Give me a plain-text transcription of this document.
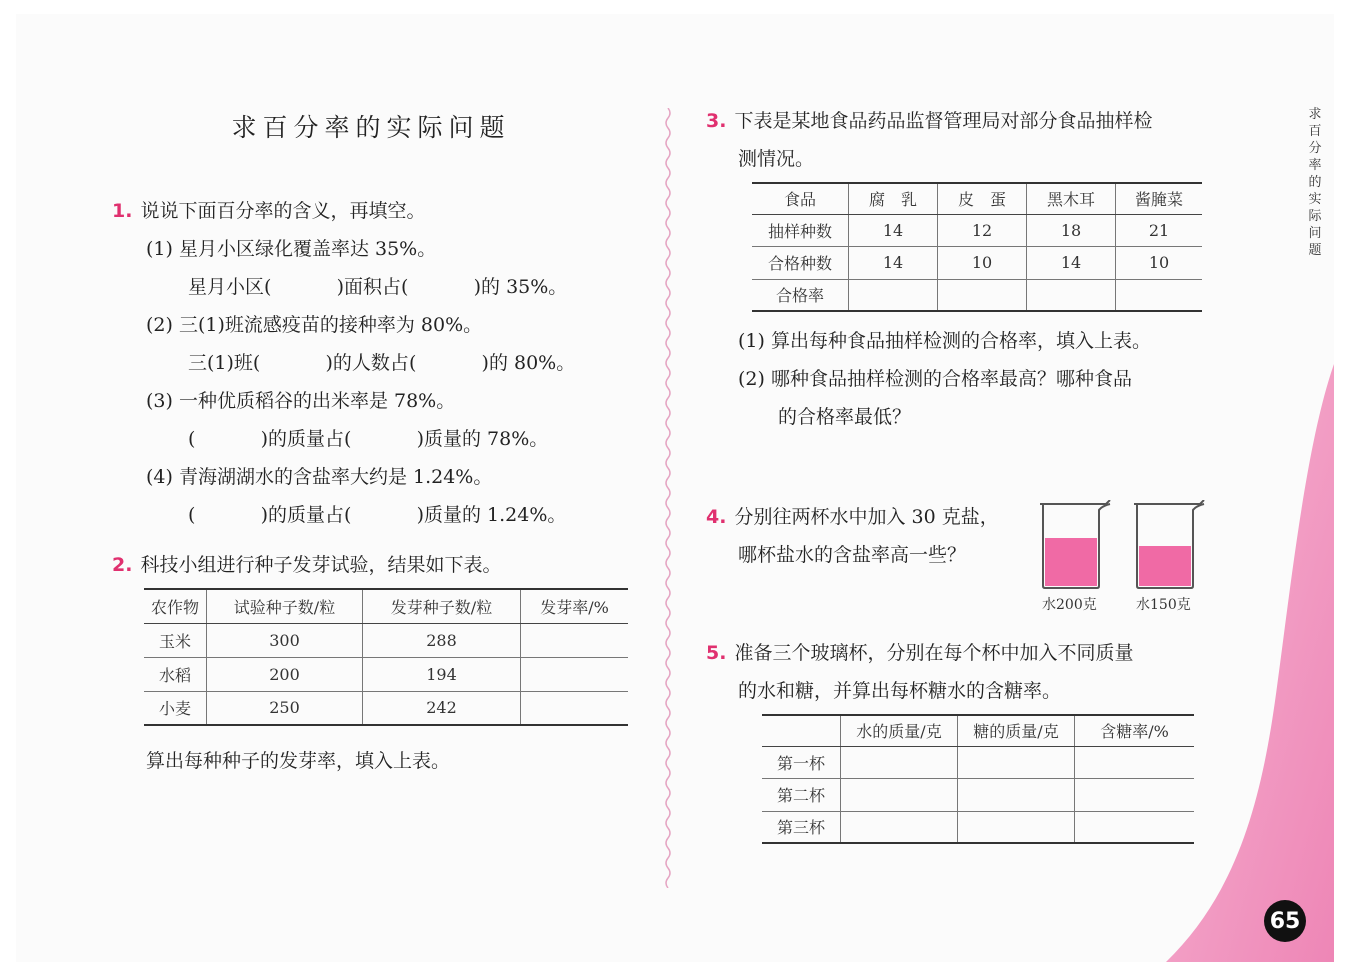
求
百
分
率
的
实
际
问
题
65
求百分率的实际问题
1. 说说下面百分率的含义，再填空。
(1) 星月小区绿化覆盖率达 35%。
星月小区 ( )	面积占 ( )	的 35%。
(2) 三(1)班流感疫苗的接种率为 80%。
三(1)班 ( )	的人数占 ( )	的 80%。
(3) 一种优质稻谷的出米率是 78%。
( )的质量占 ( )	质量的 78%。
(4) 青海湖湖水的含盐率大约是 1.24%。
( )的质量占 ( )	质量的 1.24%。
2. 科技小组进行种子发芽试验，结果如下表。
农作物	试验种子数/粒	发芽种子数/粒	发芽率/%
玉米	300	288	
水稻	200	194	
小麦	250	242	
算出每种种子的发芽率，填入上表。
3. 下表是某地食品药品监督管理局对部分食品抽样检
测情况。
食品	腐　乳	皮　蛋	黑木耳	酱腌菜
抽样种数	14	12	18	21
合格种数	14	10	14	10
合格率				
(1) 算出每种食品抽样检测的合格率，填入上表。
(2) 哪种食品抽样检测的合格率最高？哪种食品
的合格率最低？
4. 分别往两杯水中加入 30 克盐，
哪杯盐水的含盐率高一些？
水200克	水150克
5. 准备三个玻璃杯，分别在每个杯中加入不同质量
的水和糖，并算出每杯糖水的含糖率。
	水的质量/克	糖的质量/克	含糖率/%
第一杯			
第二杯			
第三杯			
